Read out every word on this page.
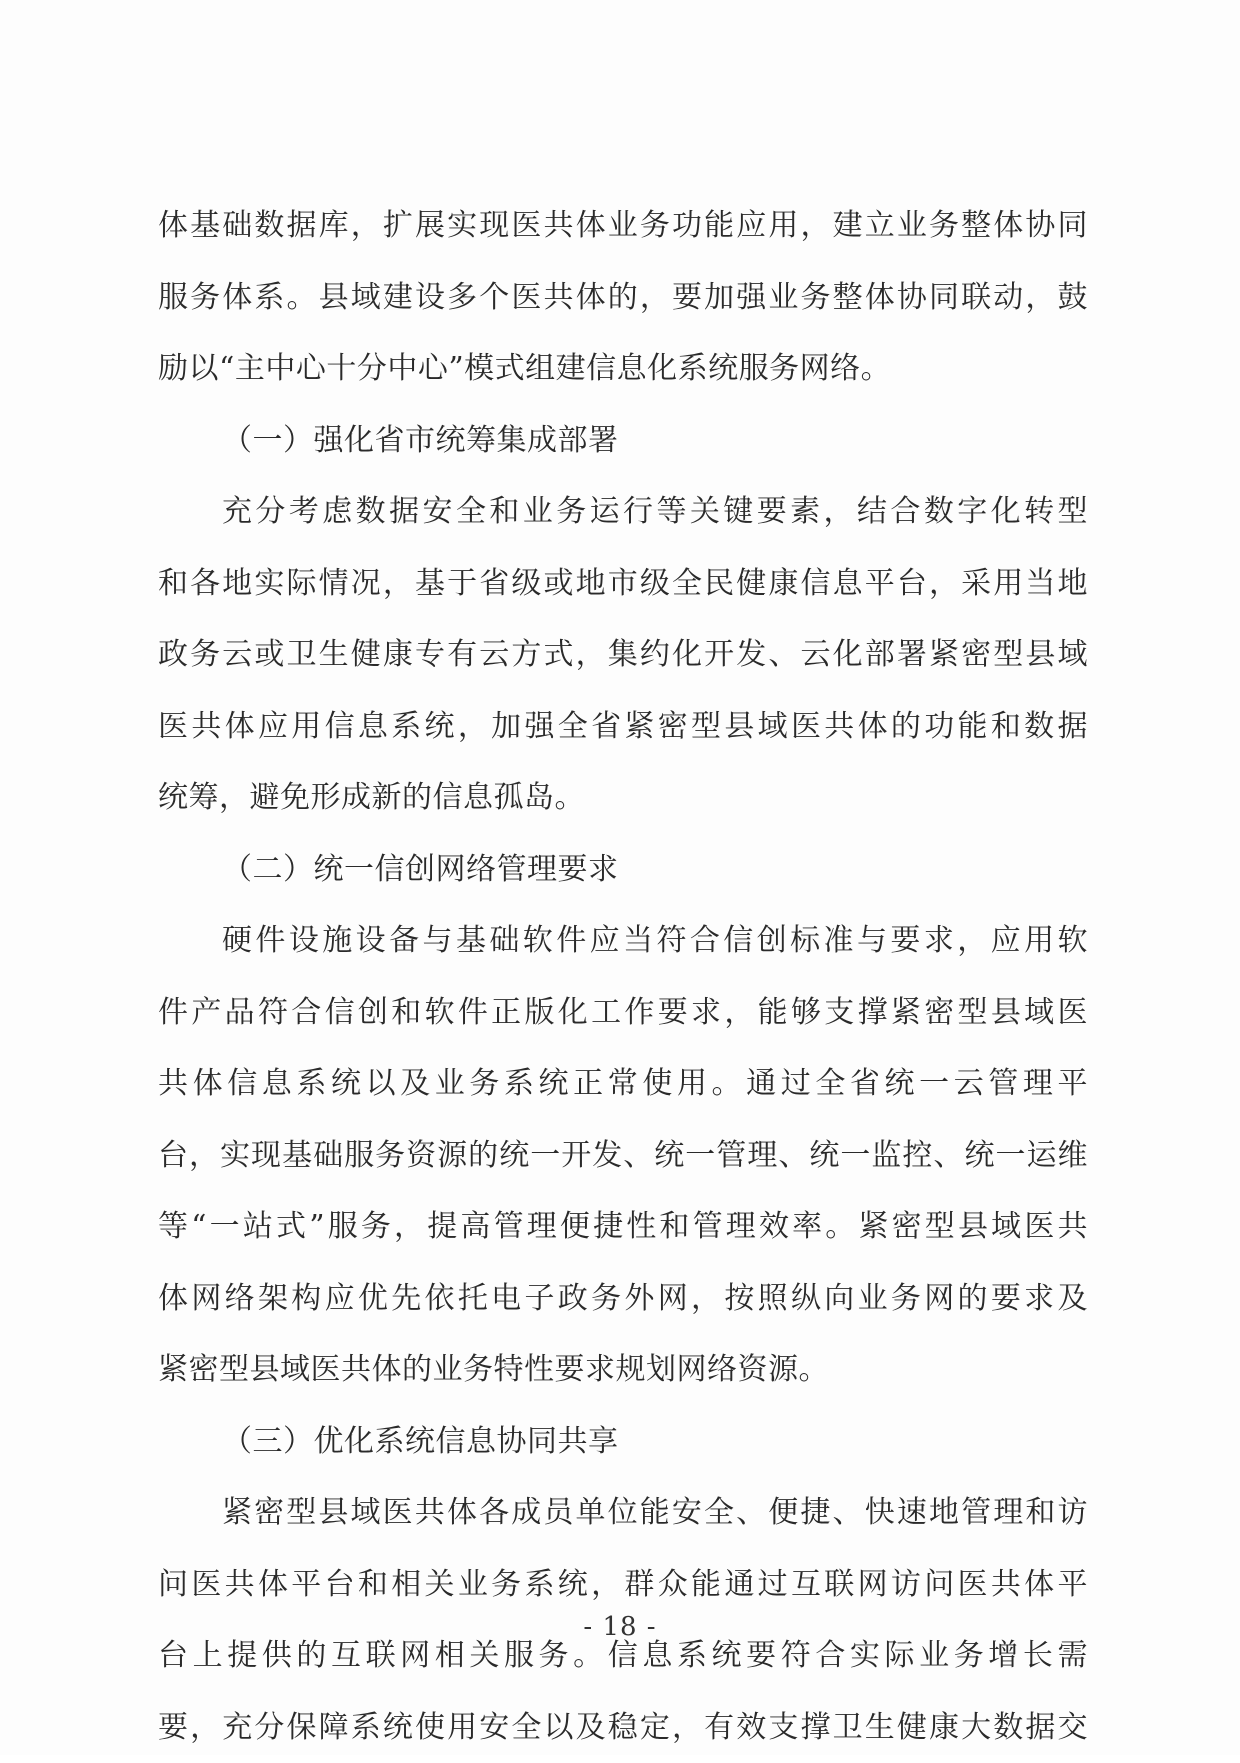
体基础数据库，扩展实现医共体业务功能应用，建立业务整体协同
服务体系。县域建设多个医共体的，要加强业务整体协同联动，鼓
励以“主中心十分中心”模式组建信息化系统服务网络。
（一）强化省市统筹集成部署
充分考虑数据安全和业务运行等关键要素，结合数字化转型
和各地实际情况，基于省级或地市级全民健康信息平台，采用当地
政务云或卫生健康专有云方式，集约化开发、云化部署紧密型县域
医共体应用信息系统，加强全省紧密型县域医共体的功能和数据
统筹，避免形成新的信息孤岛。
（二）统一信创网络管理要求
硬件设施设备与基础软件应当符合信创标准与要求，应用软
件产品符合信创和软件正版化工作要求，能够支撑紧密型县域医
共体信息系统以及业务系统正常使用。通过全省统一云管理平
台，实现基础服务资源的统一开发、统一管理、统一监控、统一运维
等“一站式”服务，提高管理便捷性和管理效率。紧密型县域医共
体网络架构应优先依托电子政务外网，按照纵向业务网的要求及
紧密型县域医共体的业务特性要求规划网络资源。
（三）优化系统信息协同共享
紧密型县域医共体各成员单位能安全、便捷、快速地管理和访
问医共体平台和相关业务系统，群众能通过互联网访问医共体平
台上提供的互联网相关服务。信息系统要符合实际业务增长需
要，充分保障系统使用安全以及稳定，有效支撑卫生健康大数据交
- 18 -
